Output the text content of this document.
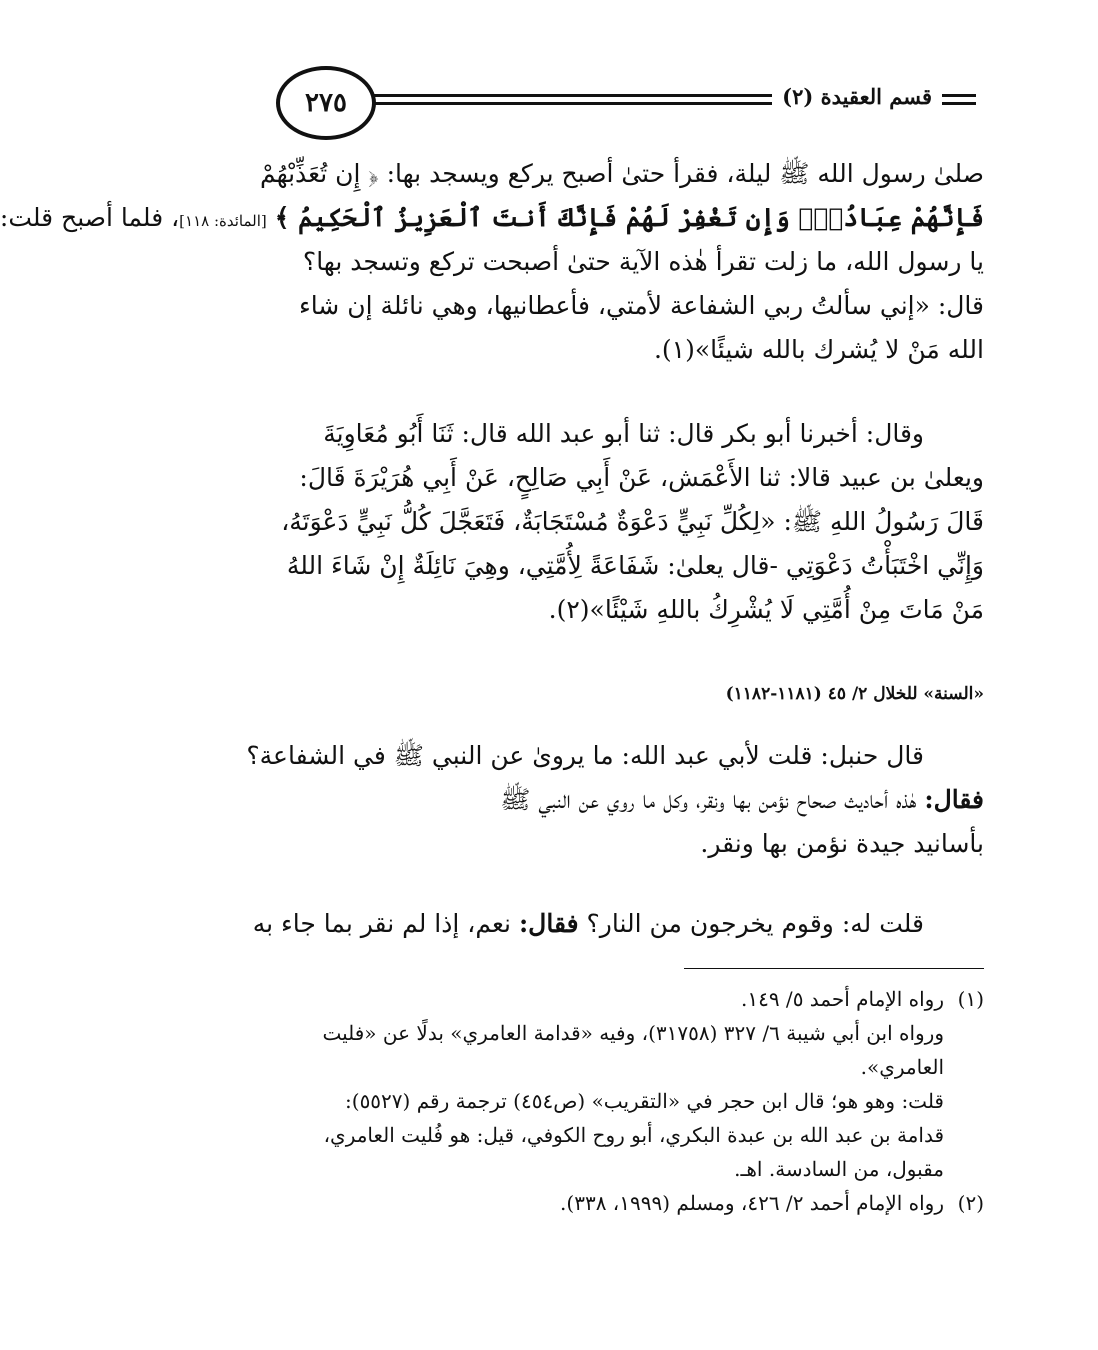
٢٧٥	قسم العقيدة (٢)

صلىٰ رسول الله ﷺ ليلة، فقرأ حتىٰ أصبح يركع ويسجد بها: ﴿ إِن تُعَذِّبْهُمْ
فَإِنَّهُمْ عِبَادُكَۖ وَإِن تَغْفِرْ لَهُمْ فَإِنَّكَ أَنتَ ٱلْعَزِيزُ ٱلْحَكِيمُ ﴾ [المائدة: ١١٨]، فلما أصبح قلت:
يا رسول الله، ما زلت تقرأ هٰذه الآية حتىٰ أصبحت تركع وتسجد بها؟
قال: «إني سألتُ ربي الشفاعة لأمتي، فأعطانيها، وهي نائلة إن شاء
الله مَنْ لا يُشرك بالله شيئًا»(١).

وقال: أخبرنا أبو بكر قال: ثنا أبو عبد الله قال: ثَنَا أَبُو مُعَاوِيَةَ
ويعلىٰ بن عبيد قالا: ثنا الأَعْمَش، عَنْ أَبِي صَالِحٍ، عَنْ أَبِي هُرَيْرَةَ قَالَ:
قَالَ رَسُولُ اللهِ ﷺ: «لِكُلِّ نَبِيٍّ دَعْوَةٌ مُسْتَجَابَةٌ، فَتَعَجَّلَ كُلُّ نَبِيٍّ دَعْوَتَهُ،
وَإِنِّي اخْتَبَأْتُ دَعْوَتِي -قال يعلىٰ: شَفَاعَةً لِأُمَّتِي، وهِيَ نَائِلَةٌ إِنْ شَاءَ اللهُ
مَنْ مَاتَ مِنْ أُمَّتِي لَا يُشْرِكُ باللهِ شَيْئًا»(٢).

«السنة» للخلال ٢/ ٤٥ (١١٨١-١١٨٢)
قال حنبل: قلت لأبي عبد الله: ما يروىٰ عن النبي ﷺ في الشفاعة؟
فقال: هٰذه أحاديث صحاح نؤمن بها ونقر، وكل ما روي عن النبي ﷺ
بأسانيد جيدة نؤمن بها ونقر.
قلت له: وقوم يخرجون من النار؟ فقال: نعم، إذا لم نقر بما جاء به
(١)رواه الإمام أحمد ٥/ ١٤٩.
ورواه ابن أبي شيبة ٦/ ٣٢٧ (٣١٧٥٨)، وفيه «قدامة العامري» بدلًا عن «فليت
العامري».
قلت: وهو هو؛ قال ابن حجر في «التقريب» (ص٤٥٤) ترجمة رقم (٥٥٢٧):
قدامة بن عبد الله بن عبدة البكري، أبو روح الكوفي، قيل: هو فُليت العامري،
مقبول، من السادسة. اهـ.
(٢)رواه الإمام أحمد ٢/ ٤٢٦، ومسلم (١٩٩٩، ٣٣٨).
